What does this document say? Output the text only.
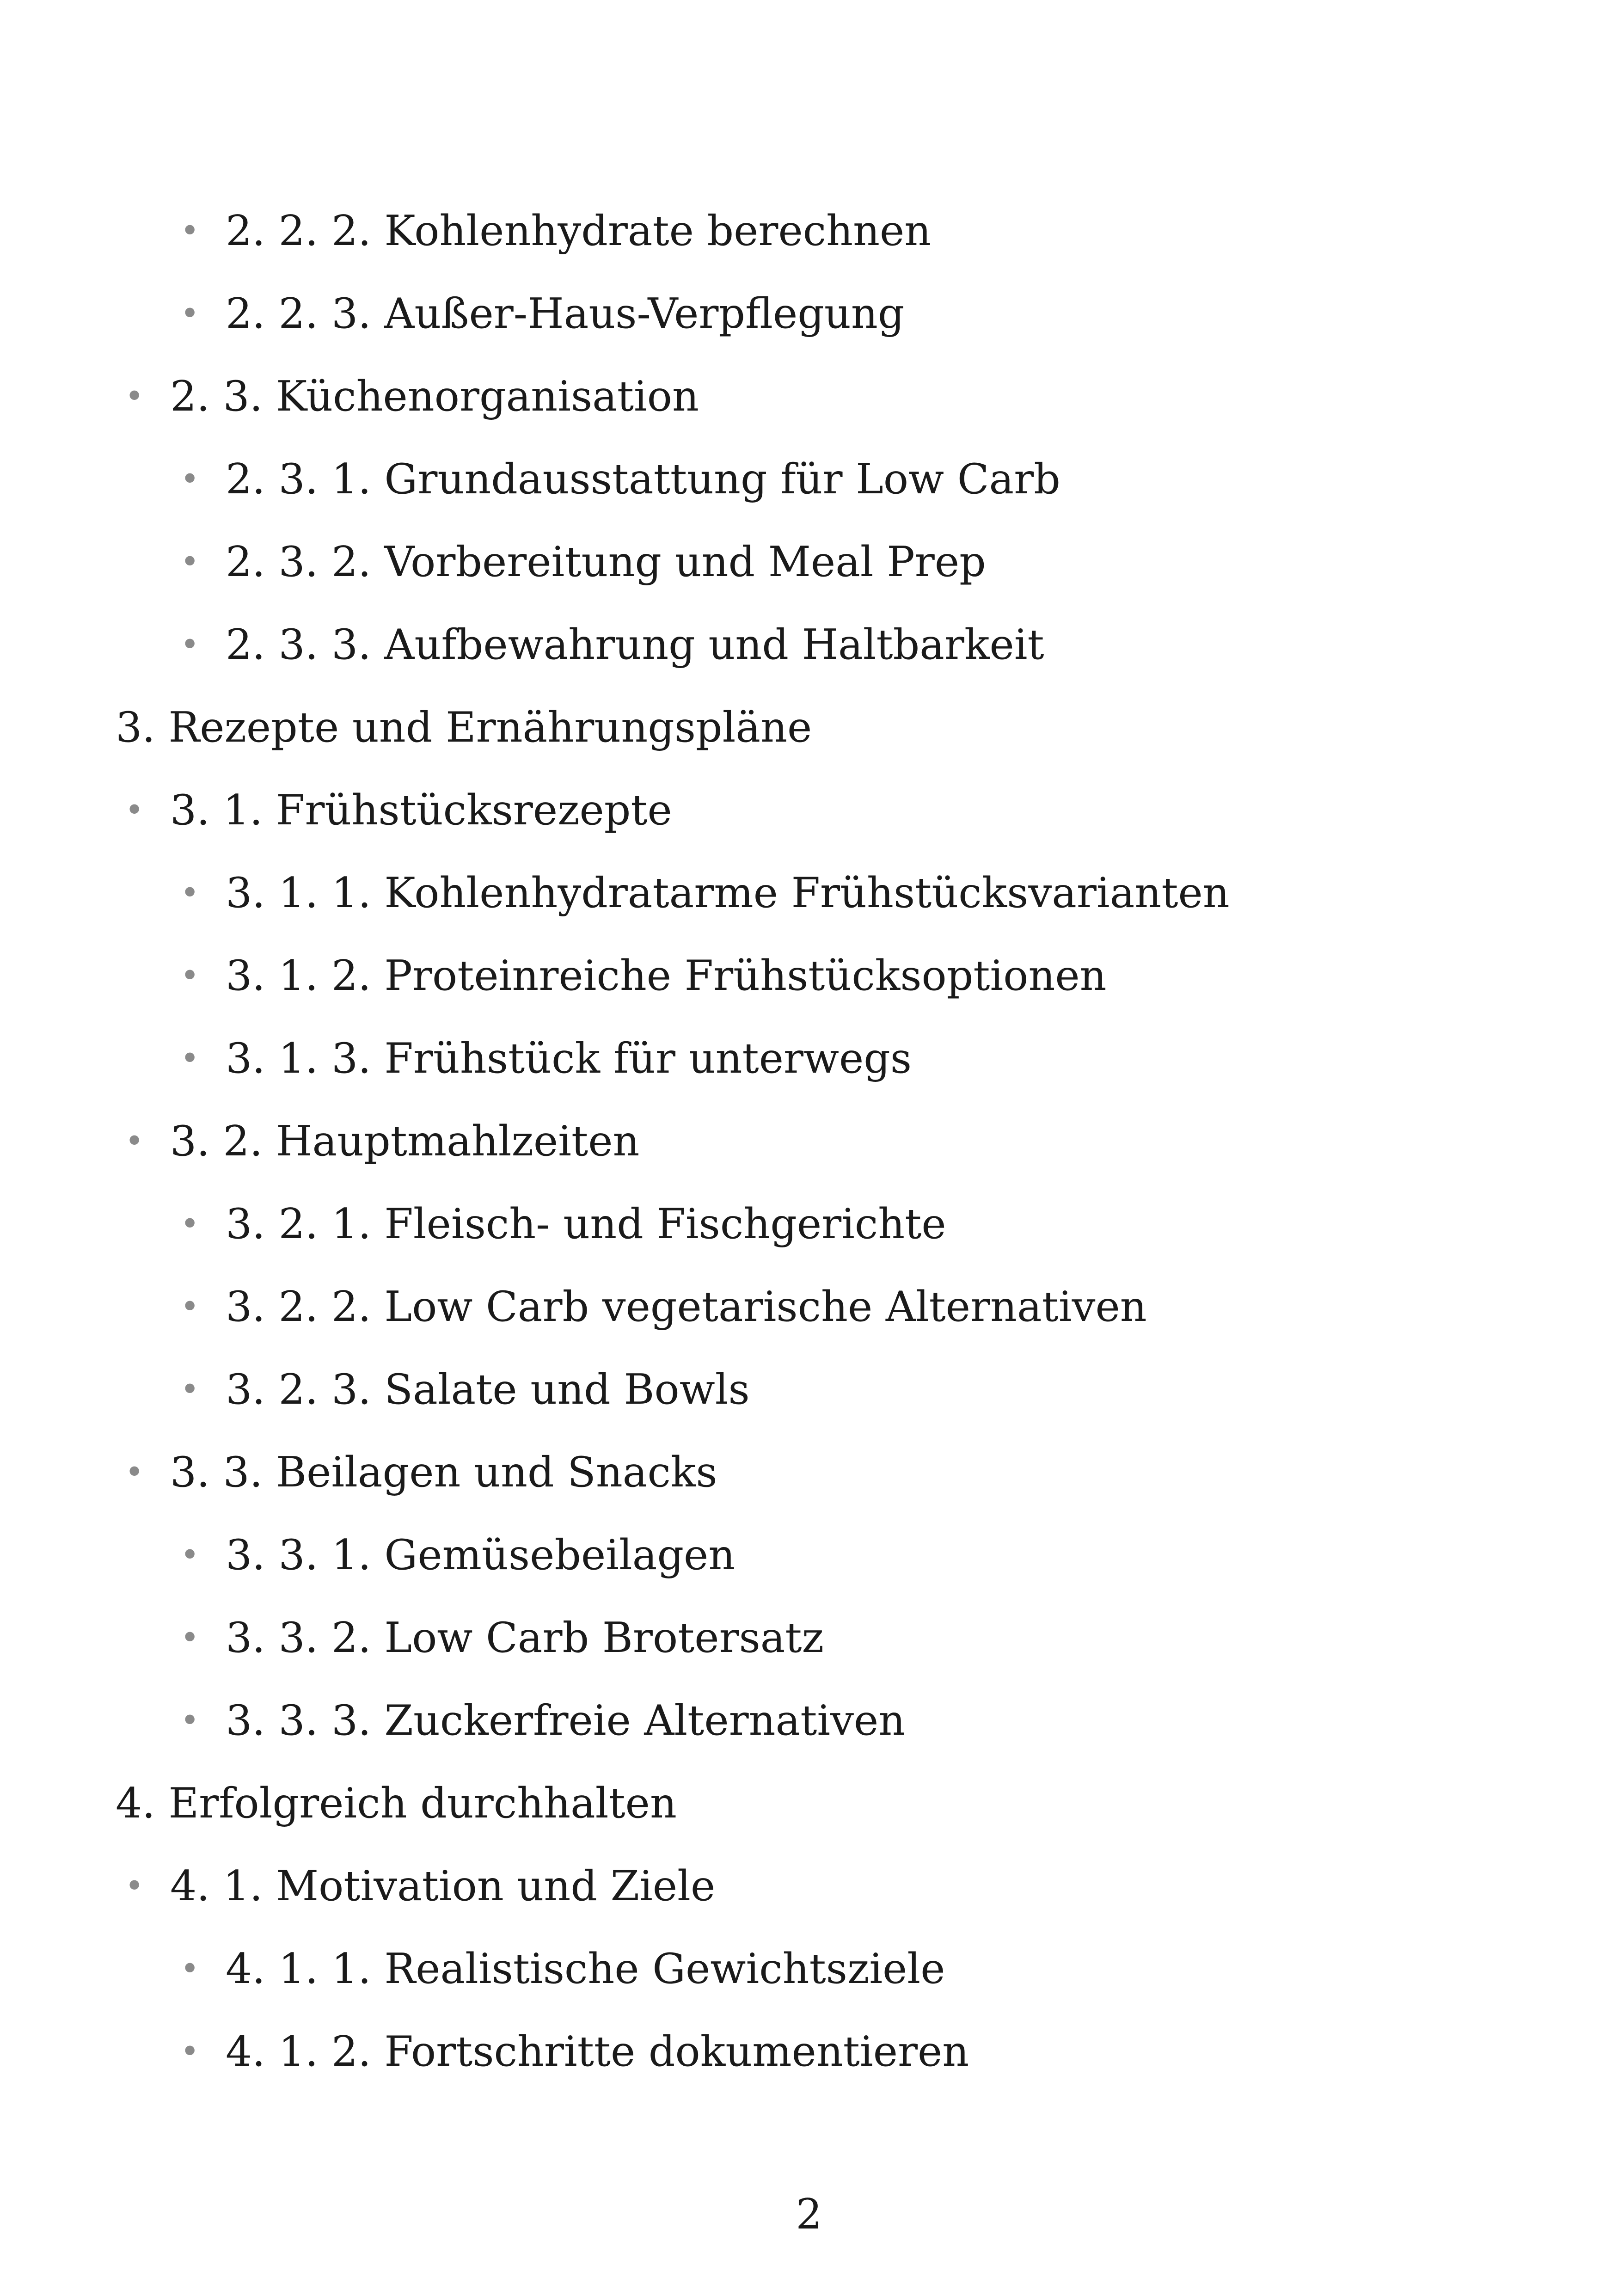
• 2. 2. 2. Kohlenhydrate berechnen
• 2. 2. 3. Außer-Haus-Verpflegung
• 2. 3. Küchenorganisation
• 2. 3. 1. Grundausstattung für Low Carb
• 2. 3. 2. Vorbereitung und Meal Prep
• 2. 3. 3. Aufbewahrung und Haltbarkeit
3. Rezepte und Ernährungspläne
• 3. 1. Frühstücksrezepte
• 3. 1. 1. Kohlenhydratarme Frühstücksvarianten
• 3. 1. 2. Proteinreiche Frühstücksoptionen
• 3. 1. 3. Frühstück für unterwegs
• 3. 2. Hauptmahlzeiten
• 3. 2. 1. Fleisch- und Fischgerichte
• 3. 2. 2. Low Carb vegetarische Alternativen
• 3. 2. 3. Salate und Bowls
• 3. 3. Beilagen und Snacks
• 3. 3. 1. Gemüsebeilagen
• 3. 3. 2. Low Carb Brotersatz
• 3. 3. 3. Zuckerfreie Alternativen
4. Erfolgreich durchhalten
• 4. 1. Motivation und Ziele
• 4. 1. 1. Realistische Gewichtsziele
• 4. 1. 2. Fortschritte dokumentieren
2
